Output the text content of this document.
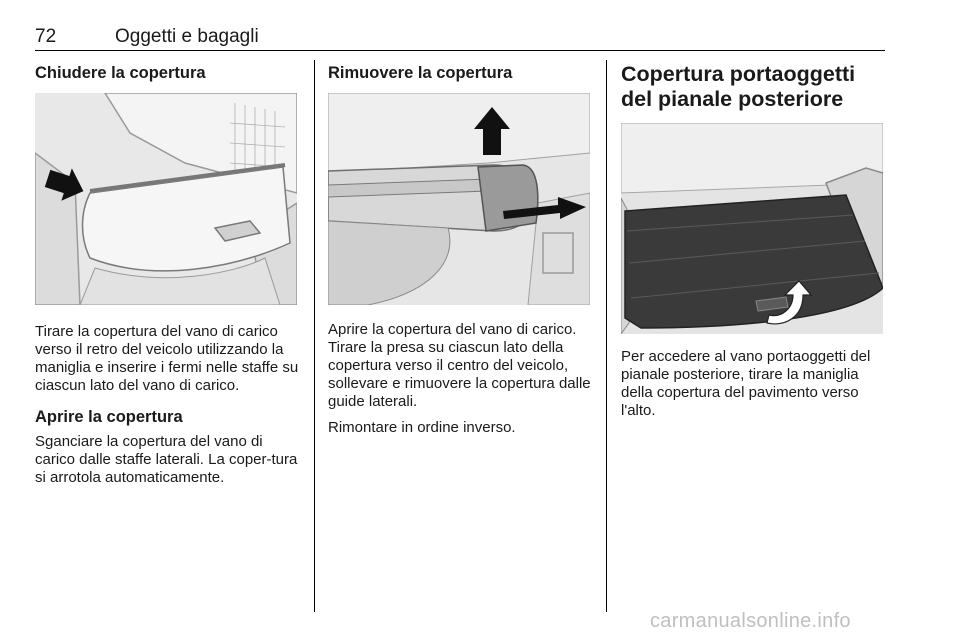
72	Oggetti e bagagli
Chiudere la copertura

Tirare la copertura del vano di carico verso il retro del veicolo utilizzando la maniglia e inserire i fermi nelle staffe su ciascun lato del vano di carico.

Aprire la copertura

Sganciare la copertura del vano di carico dalle staffe laterali. La coper-tura si arrotola automaticamente.

Rimuovere la copertura

Aprire la copertura del vano di carico. Tirare la presa su ciascun lato della copertura verso il centro del veicolo, sollevare e rimuovere la copertura dalle guide laterali.

Rimontare in ordine inverso.

Copertura portaoggetti del pianale posteriore

Per accedere al vano portaoggetti del pianale posteriore, tirare la maniglia della copertura del pavimento verso l'alto.

carmanualsonline.info
